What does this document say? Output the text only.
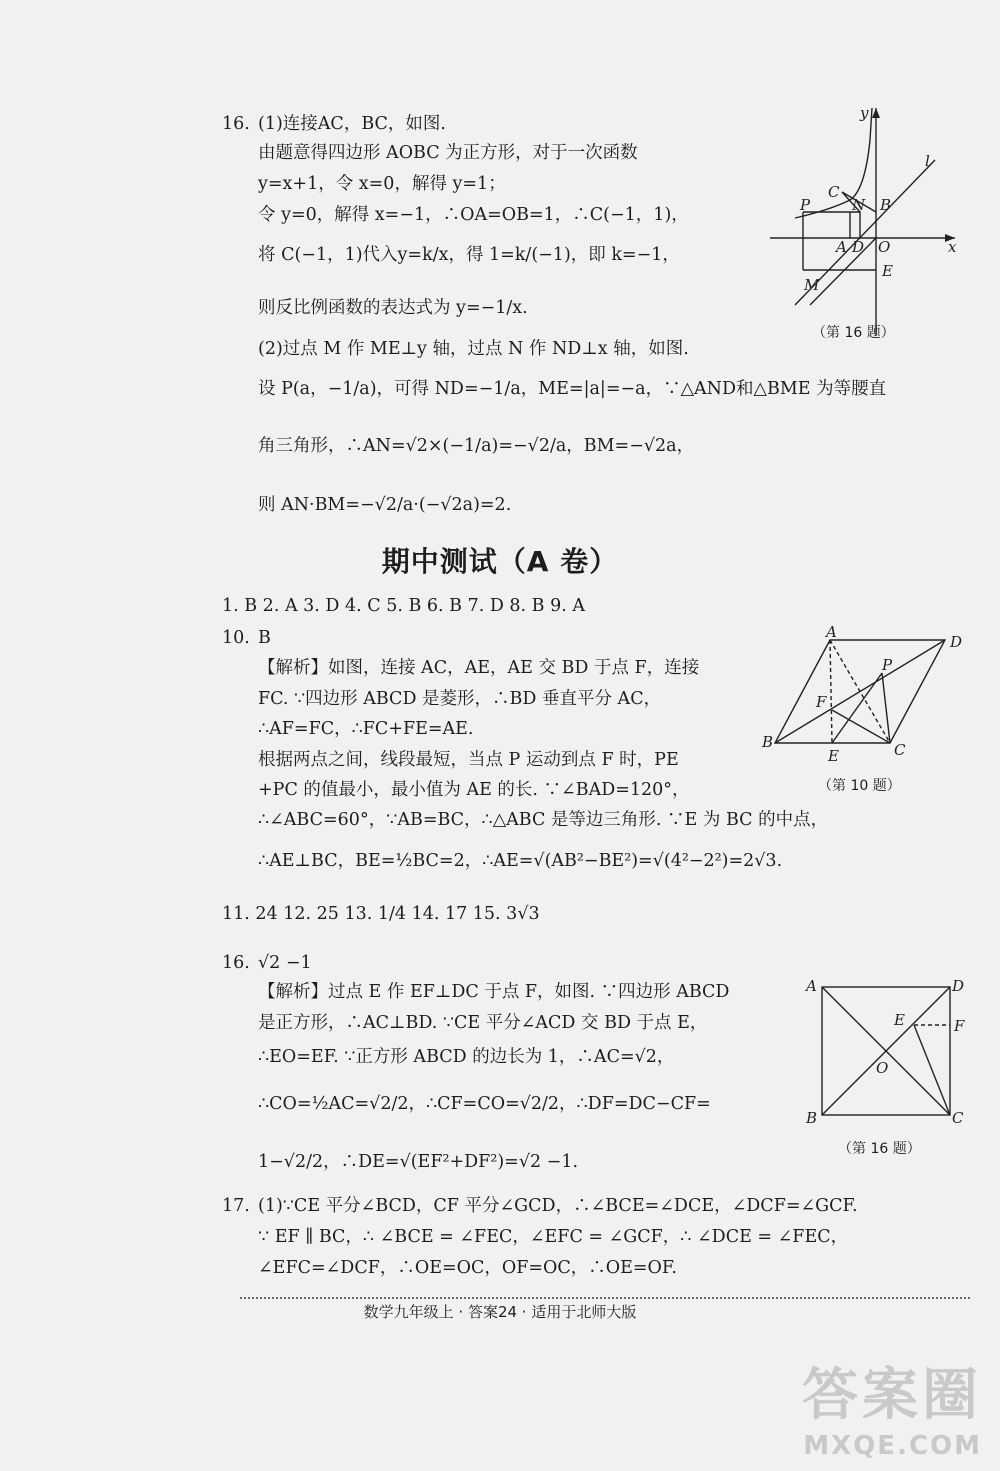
16. (1)连接AC，BC，如图.
由题意得四边形 AOBC 为正方形，对于一次函数
y=x+1，令 x=0，解得 y=1；
令 y=0，解得 x=−1，∴OA=OB=1，∴C(−1，1)，
将 C(−1，1)代入y=k/x，得 1=k/(−1)，即 k=−1，
则反比例函数的表达式为 y=−1/x.
(2)过点 M 作 ME⊥y 轴，过点 N 作 ND⊥x 轴，如图.
设 P(a，−1/a)，可得 ND=−1/a，ME=|a|=−a，∵△AND和△BME 为等腰直
角三角形，∴AN=√2×(−1/a)=−√2/a，BM=−√2a，
则 AN·BM=−√2/a·(−√2a)=2.
y
l
C
N B
P
A D O	x
M
E
（第 16 题）
期中测试（A 卷）
1. B 2. A 3. D 4. C 5. B 6. B 7. D 8. B 9. A
10. B
【解析】如图，连接 AC，AE，AE 交 BD 于点 F，连接
FC. ∵四边形 ABCD 是菱形，∴BD 垂直平分 AC，
∴AF=FC，∴FC+FE=AE.
根据两点之间，线段最短，当点 P 运动到点 F 时，PE
+PC 的值最小，最小值为 AE 的长. ∵∠BAD=120°，
∴∠ABC=60°，∵AB=BC，∴△ABC 是等边三角形. ∵E 为 BC 的中点，
∴AE⊥BC，BE=½BC=2，∴AE=√(AB²−BE²)=√(4²−2²)=2√3.
A
D
P
F
B
E	C
（第 10 题）
11. 24 12. 25 13. 1/4 14. 17 15. 3√3
16. √2 −1
【解析】过点 E 作 EF⊥DC 于点 F，如图. ∵四边形 ABCD
是正方形，∴AC⊥BD. ∵CE 平分∠ACD 交 BD 于点 E，
∴EO=EF. ∵正方形 ABCD 的边长为 1，∴AC=√2，
∴CO=½AC=√2/2，∴CF=CO=√2/2，∴DF=DC−CF=
1−√2/2，∴DE=√(EF²+DF²)=√2 −1.
A	D
E	F
O
B	C
（第 16 题）
17. (1)∵CE 平分∠BCD，CF 平分∠GCD，∴∠BCE=∠DCE，∠DCF=∠GCF.
∵ EF ∥ BC，∴ ∠BCE = ∠FEC，∠EFC = ∠GCF，∴ ∠DCE = ∠FEC，
∠EFC=∠DCF，∴OE=OC，OF=OC，∴OE=OF.
数学九年级上 · 答案24 · 适用于北师大版
答案圈
MXQE.COM
